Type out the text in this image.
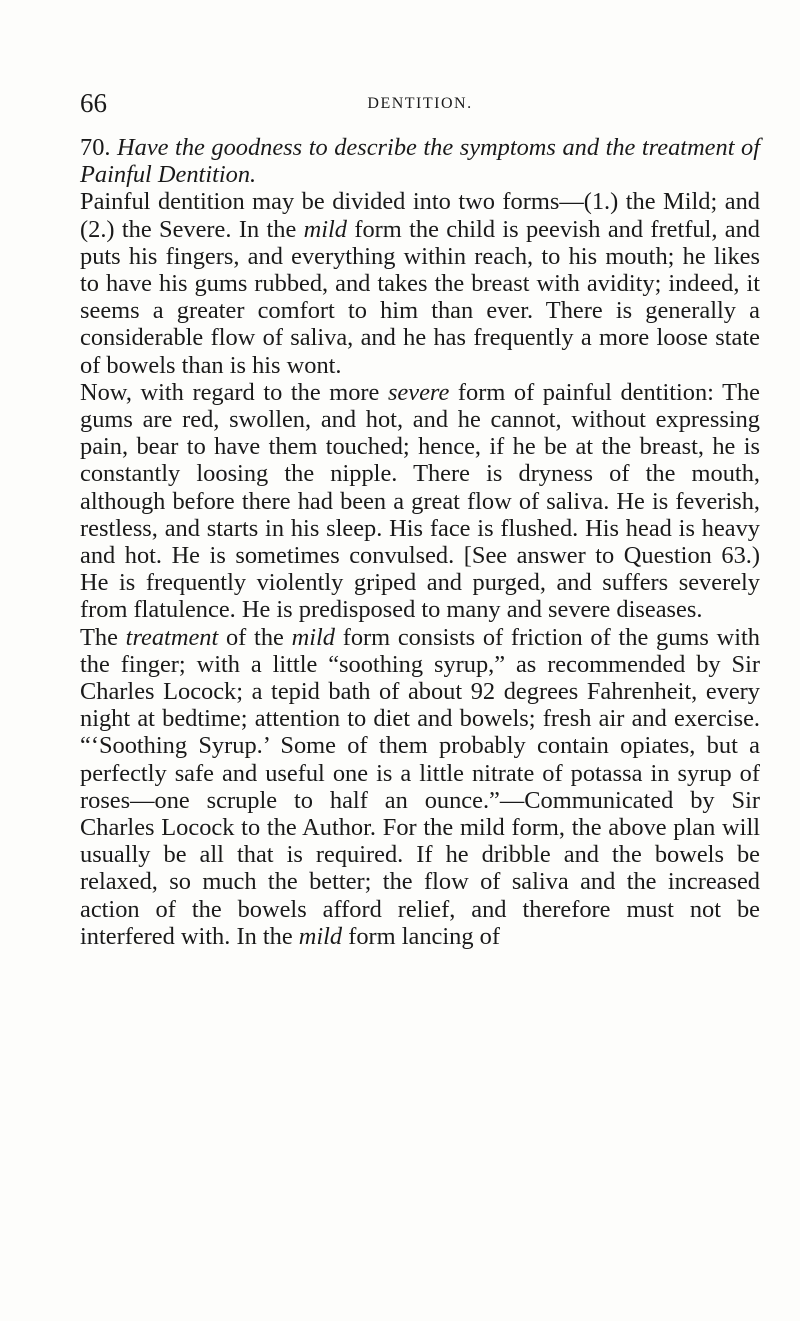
66	DENTITION.

70. Have the goodness to describe the symptoms and the treatment of Painful Dentition.

Painful dentition may be divided into two forms—(1.) the Mild; and (2.) the Severe. In the mild form the child is peevish and fretful, and puts his fingers, and everything within reach, to his mouth; he likes to have his gums rubbed, and takes the breast with avidity; indeed, it seems a greater comfort to him than ever. There is generally a considerable flow of saliva, and he has frequently a more loose state of bowels than is his wont.

Now, with regard to the more severe form of painful dentition: The gums are red, swollen, and hot, and he cannot, without expressing pain, bear to have them touched; hence, if he be at the breast, he is constantly loosing the nipple. There is dryness of the mouth, although before there had been a great flow of saliva. He is feverish, restless, and starts in his sleep. His face is flushed. His head is heavy and hot. He is sometimes convulsed. [See answer to Question 63.) He is frequently violently griped and purged, and suffers severely from flatulence. He is predisposed to many and severe diseases.

The treatment of the mild form consists of friction of the gums with the finger; with a little “soothing syrup,” as recommended by Sir Charles Locock; a tepid bath of about 92 degrees Fahrenheit, every night at bedtime; attention to diet and bowels; fresh air and exercise. “‘Soothing Syrup.’ Some of them probably contain opiates, but a perfectly safe and useful one is a little nitrate of potassa in syrup of roses—one scruple to half an ounce.”—Communicated by Sir Charles Locock to the Author. For the mild form, the above plan will usually be all that is required. If he dribble and the bowels be relaxed, so much the better; the flow of saliva and the increased action of the bowels afford relief, and therefore must not be interfered with. In the mild form lancing of
